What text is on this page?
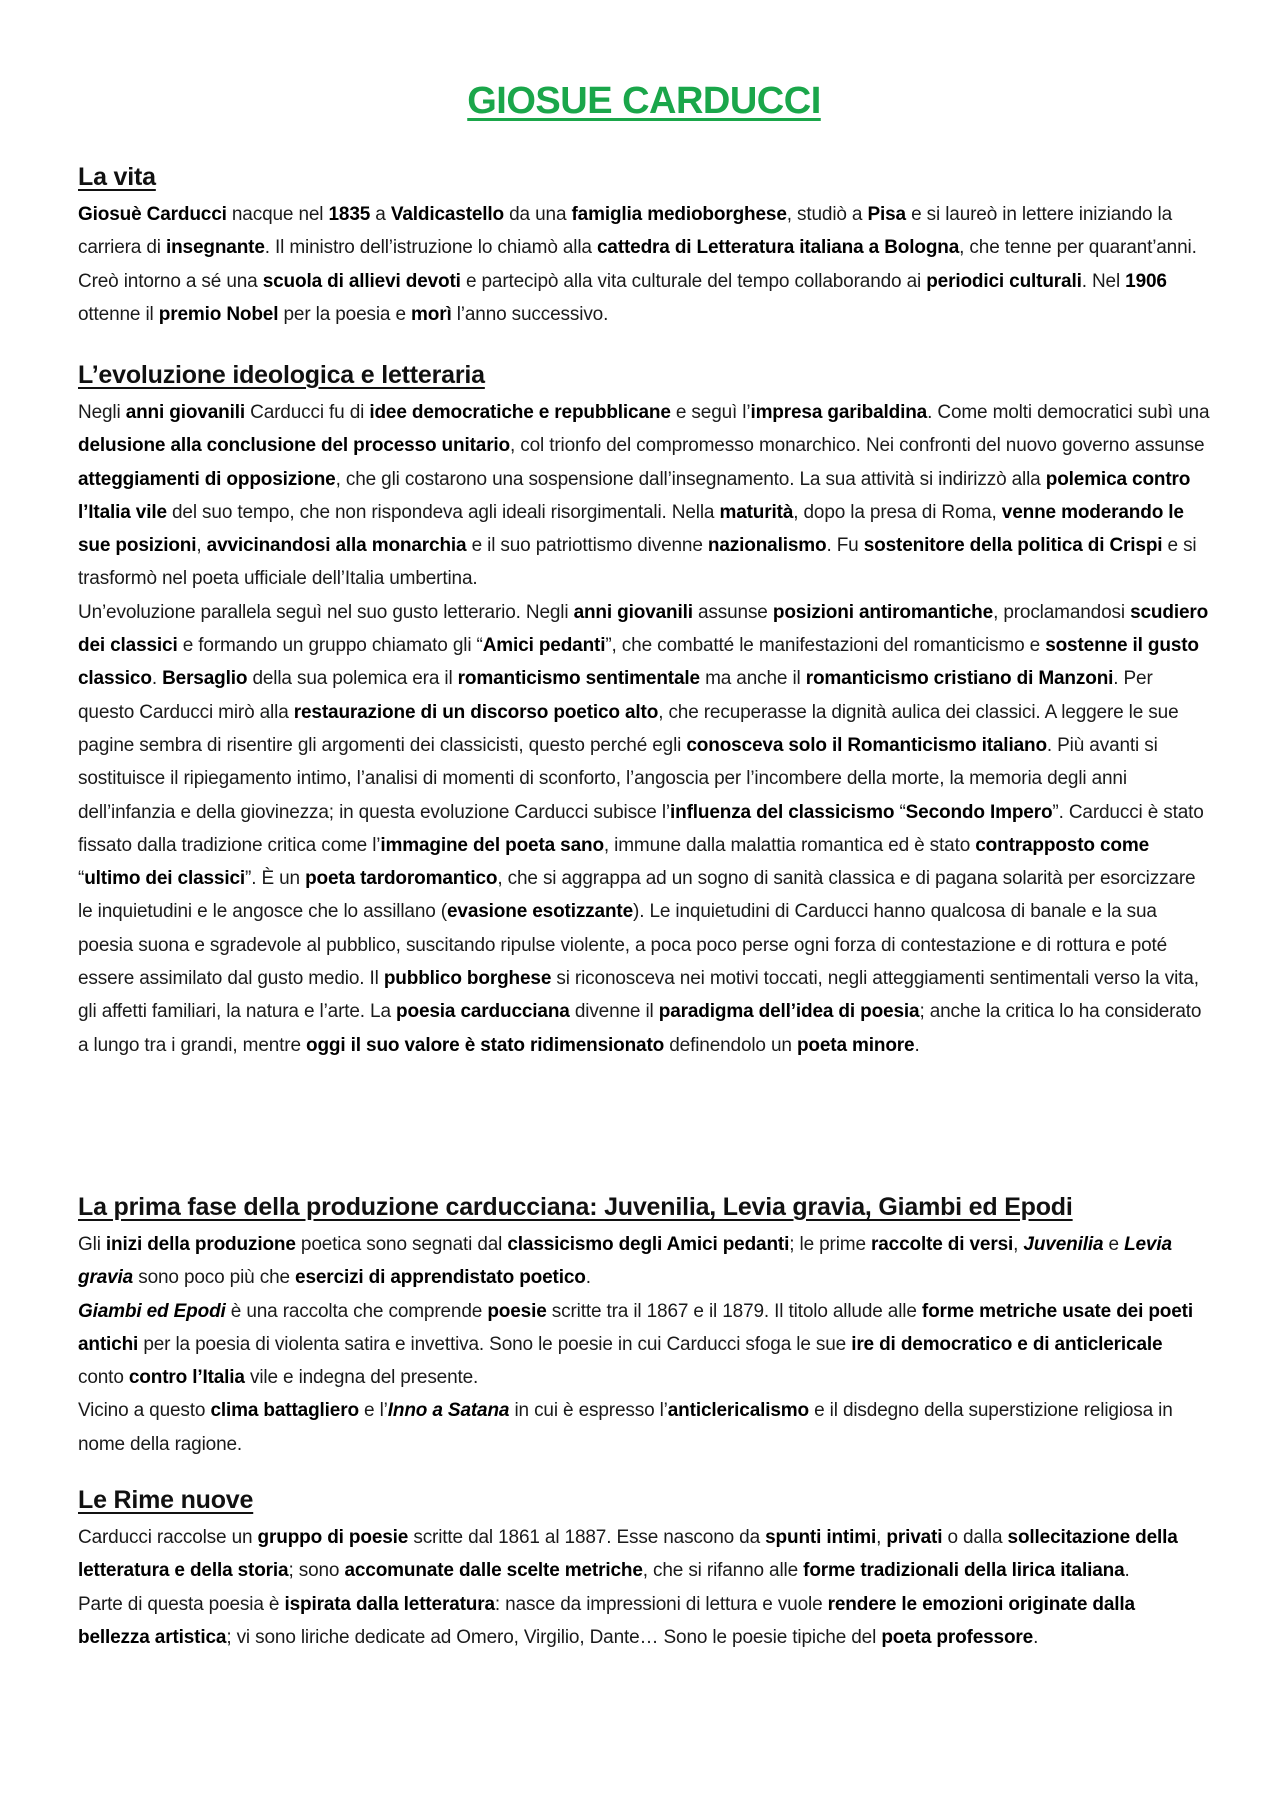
GIOSUE CARDUCCI
La vita

Giosuè Carducci nacque nel 1835 a Valdicastello da una famiglia medioborghese, studiò a Pisa e si laureò in lettere iniziando la carriera di insegnante. Il ministro dell’istruzione lo chiamò alla cattedra di Letteratura italiana a Bologna, che tenne per quarant’anni. Creò intorno a sé una scuola di allievi devoti e partecipò alla vita culturale del tempo collaborando ai periodici culturali. Nel 1906 ottenne il premio Nobel per la poesia e morì l’anno successivo.

L’evoluzione ideologica e letteraria

Negli anni giovanili Carducci fu di idee democratiche e repubblicane e seguì l’impresa garibaldina. Come molti democratici subì una delusione alla conclusione del processo unitario, col trionfo del compromesso monarchico. Nei confronti del nuovo governo assunse atteggiamenti di opposizione, che gli costarono una sospensione dall’insegnamento. La sua attività si indirizzò alla polemica contro l’Italia vile del suo tempo, che non rispondeva agli ideali risorgimentali. Nella maturità, dopo la presa di Roma, venne moderando le sue posizioni, avvicinandosi alla monarchia e il suo patriottismo divenne nazionalismo. Fu sostenitore della politica di Crispi e si trasformò nel poeta ufficiale dell’Italia umbertina.

Un’evoluzione parallela seguì nel suo gusto letterario. Negli anni giovanili assunse posizioni antiromantiche, proclamandosi scudiero dei classici e formando un gruppo chiamato gli “Amici pedanti”, che combatté le manifestazioni del romanticismo e sostenne il gusto classico. Bersaglio della sua polemica era il romanticismo sentimentale ma anche il romanticismo cristiano di Manzoni. Per questo Carducci mirò alla restaurazione di un discorso poetico alto, che recuperasse la dignità aulica dei classici. A leggere le sue pagine sembra di risentire gli argomenti dei classicisti, questo perché egli conosceva solo il Romanticismo italiano. Più avanti si sostituisce il ripiegamento intimo, l’analisi di momenti di sconforto, l’angoscia per l’incombere della morte, la memoria degli anni dell’infanzia e della giovinezza; in questa evoluzione Carducci subisce l’influenza del classicismo “Secondo Impero”. Carducci è stato fissato dalla tradizione critica come l’immagine del poeta sano, immune dalla malattia romantica ed è stato contrapposto come “ultimo dei classici”. È un poeta tardoromantico, che si aggrappa ad un sogno di sanità classica e di pagana solarità per esorcizzare le inquietudini e le angosce che lo assillano (evasione esotizzante). Le inquietudini di Carducci hanno qualcosa di banale e la sua poesia suona e sgradevole al pubblico, suscitando ripulse violente, a poca poco perse ogni forza di contestazione e di rottura e poté essere assimilato dal gusto medio. Il pubblico borghese si riconosceva nei motivi toccati, negli atteggiamenti sentimentali verso la vita, gli affetti familiari, la natura e l’arte. La poesia carducciana divenne il paradigma dell’idea di poesia; anche la critica lo ha considerato a lungo tra i grandi, mentre oggi il suo valore è stato ridimensionato definendolo un poeta minore.

La prima fase della produzione carducciana: Juvenilia, Levia gravia, Giambi ed Epodi

Gli inizi della produzione poetica sono segnati dal classicismo degli Amici pedanti; le prime raccolte di versi, Juvenilia e Levia gravia sono poco più che esercizi di apprendistato poetico.

Giambi ed Epodi è una raccolta che comprende poesie scritte tra il 1867 e il 1879. Il titolo allude alle forme metriche usate dei poeti antichi per la poesia di violenta satira e invettiva. Sono le poesie in cui Carducci sfoga le sue ire di democratico e di anticlericale conto contro l’Italia vile e indegna del presente.

Vicino a questo clima battagliero e l’Inno a Satana in cui è espresso l’anticlericalismo e il disdegno della superstizione religiosa in nome della ragione.

Le Rime nuove

Carducci raccolse un gruppo di poesie scritte dal 1861 al 1887. Esse nascono da spunti intimi, privati o dalla sollecitazione della letteratura e della storia; sono accomunate dalle scelte metriche, che si rifanno alle forme tradizionali della lirica italiana.

Parte di questa poesia è ispirata dalla letteratura: nasce da impressioni di lettura e vuole rendere le emozioni originate dalla bellezza artistica; vi sono liriche dedicate ad Omero, Virgilio, Dante… Sono le poesie tipiche del poeta professore.
